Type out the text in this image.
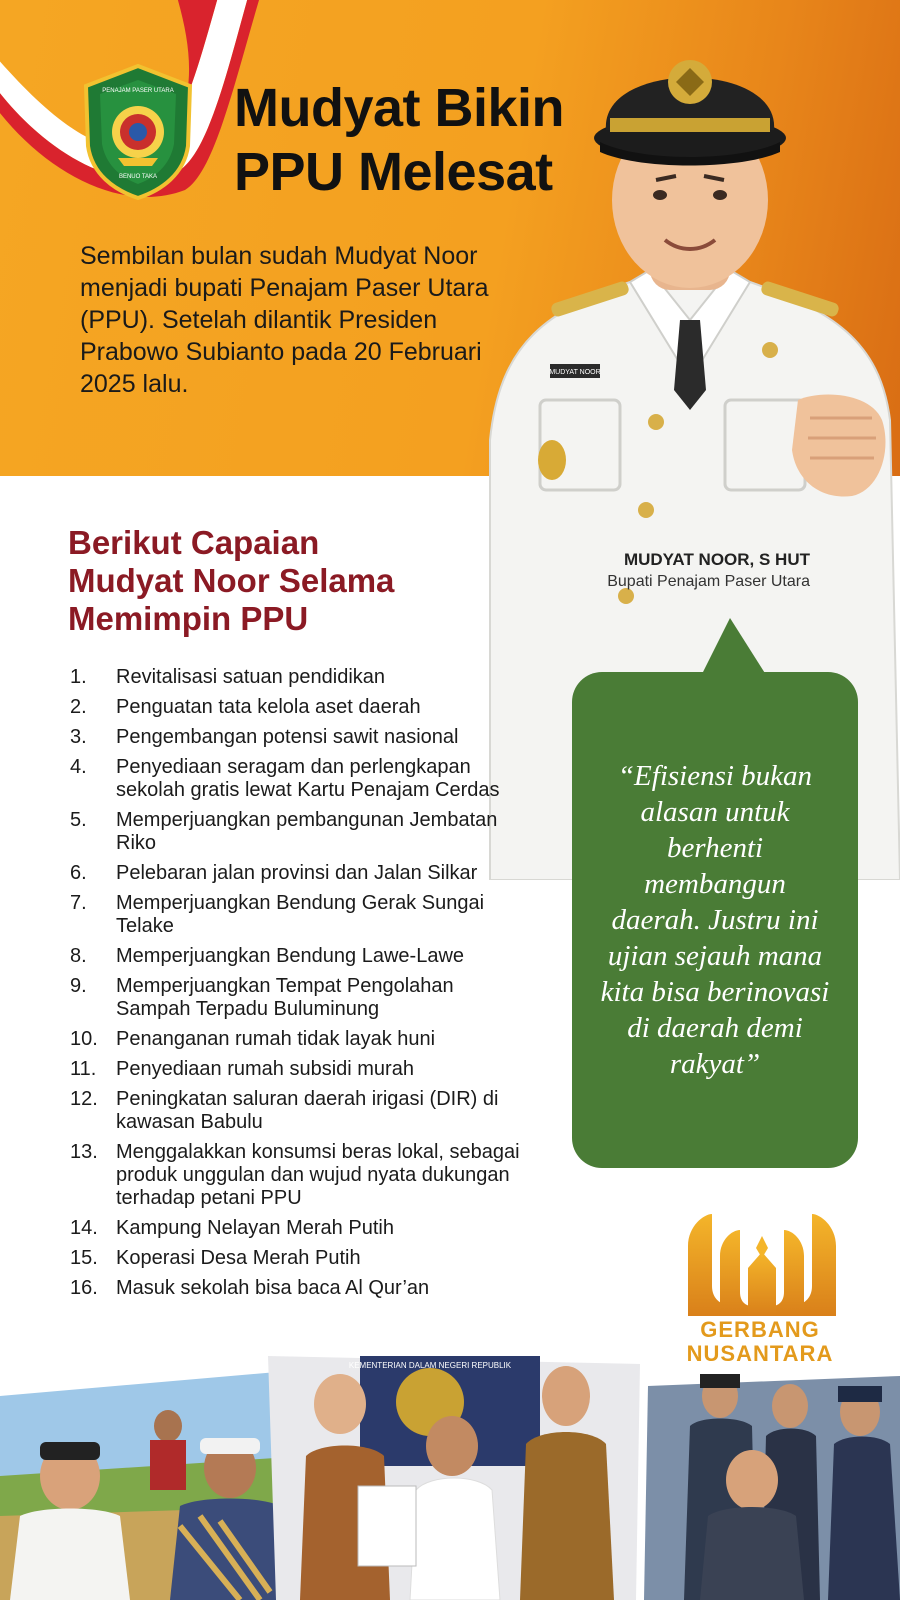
PENAJAM PASER UTARA
BENUO TAKA
Mudyat Bikin
PPU Melesat

Sembilan bulan sudah Mudyat Noor menjadi bupati Penajam Paser Utara (PPU). Setelah dilantik Presiden Prabowo Subianto pada 20 Februari 2025 lalu.	MUDYAT NOOR
MUDYAT NOOR, S HUT
Bupati Penajam Paser Utara
Berikut Capaian
Mudyat Noor Selama
Memimpin PPU
1.	Revitalisasi satuan pendidikan
2.	Penguatan tata kelola aset daerah
3.	Pengembangan potensi sawit nasional
4.	Penyediaan seragam dan perlengkapan sekolah gratis lewat Kartu Penajam Cerdas
5.	Memperjuangkan pembangunan Jembatan Riko
6.	Pelebaran jalan provinsi dan Jalan Silkar
7.	Memperjuangkan Bendung Gerak Sungai Telake
8.	Memperjuangkan Bendung Lawe-Lawe
9.	Memperjuangkan Tempat Pengolahan Sampah Terpadu Buluminung
10. Penanganan rumah tidak layak huni
11. Penyediaan rumah subsidi murah
12. Peningkatan saluran daerah irigasi (DIR) di kawasan Babulu
13. Menggalakkan konsumsi beras lokal, sebagai produk unggulan dan wujud nyata dukungan terhadap petani PPU
14. Kampung Nelayan Merah Putih
15. Koperasi Desa Merah Putih
16. Masuk sekolah bisa baca Al Qur’an

“Efisiensi bukan alasan untuk berhenti membangun daerah. Justru ini ujian sejauh mana kita bisa berinovasi di daerah demi rakyat”

GERBANG
NUSANTARA
KEMENTERIAN DALAM NEGERI REPUBLIK
